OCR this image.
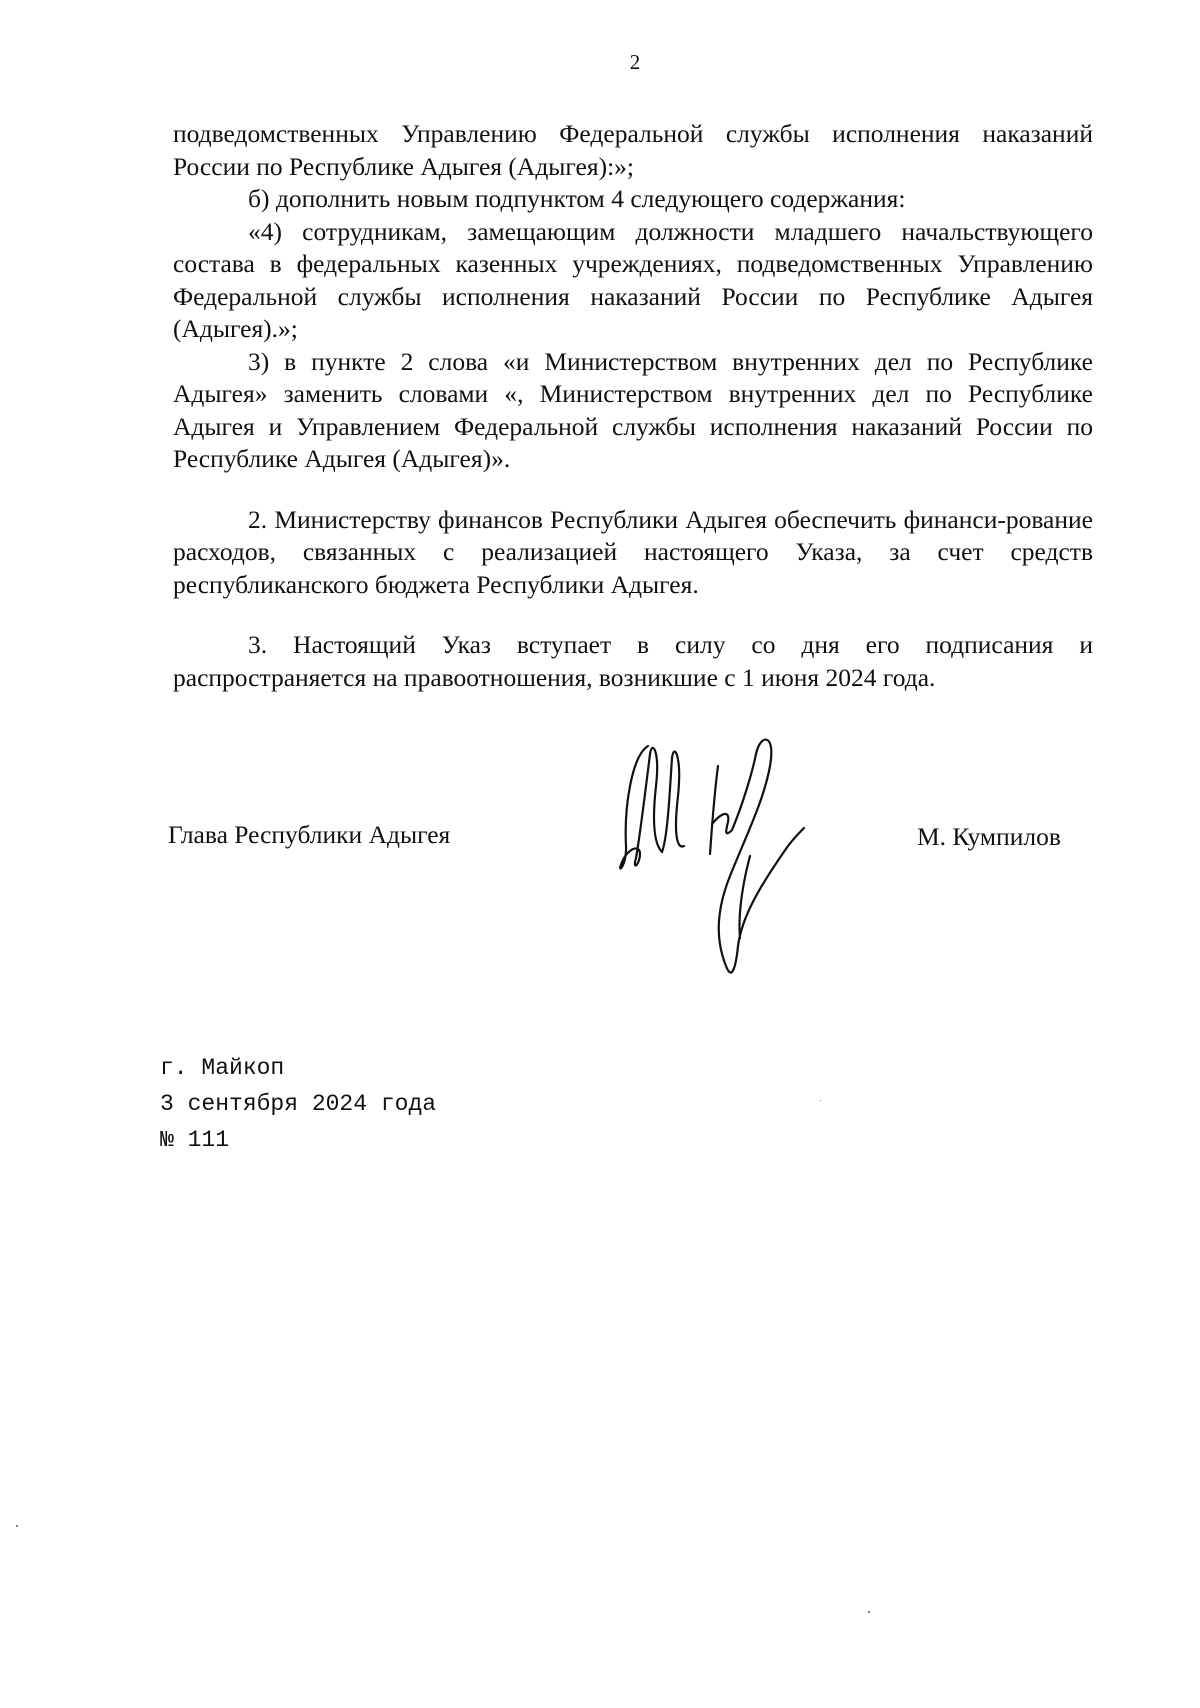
2

подведомственных Управлению Федеральной службы исполнения наказаний России по Республике Адыгея (Адыгея):»;

б) дополнить новым подпунктом 4 следующего содержания:

«4) сотрудникам, замещающим должности младшего начальствующего состава в федеральных казенных учреждениях, подведомственных Управлению Федеральной службы исполнения наказаний России по Республике Адыгея (Адыгея).»;

3) в пункте 2 слова «и Министерством внутренних дел по Республике Адыгея» заменить словами «, Министерством внутренних дел по Республике Адыгея и Управлением Федеральной службы исполнения наказаний России по Республике Адыгея (Адыгея)».

2. Министерству финансов Республики Адыгея обеспечить финанси-рование расходов, связанных с реализацией настоящего Указа, за счет средств республиканского бюджета Республики Адыгея.

3. Настоящий Указ вступает в силу со дня его подписания и распространяется на правоотношения, возникшие с 1 июня 2024 года.

Глава Республики Адыгея	М. Кумпилов
г. Майкоп
3 сентября 2024 года
№ 111
